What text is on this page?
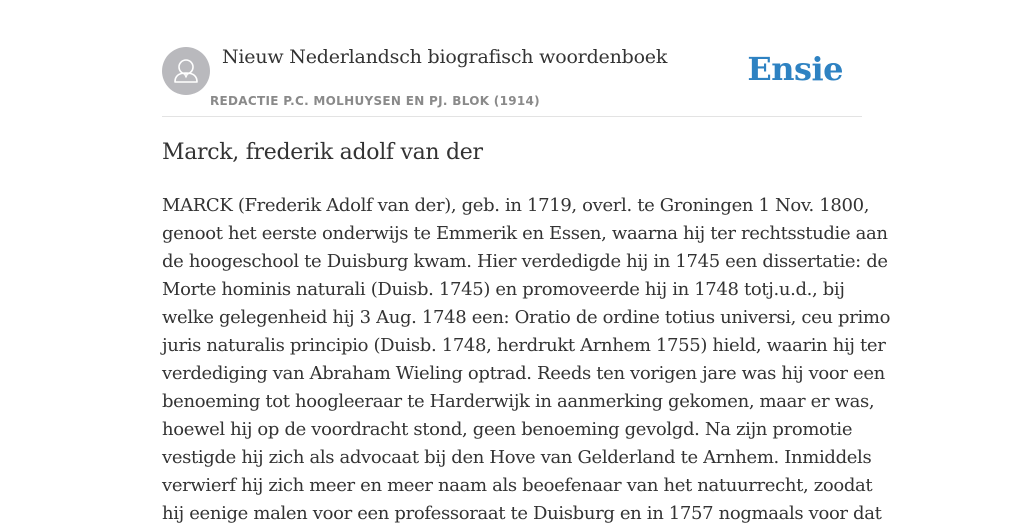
Nieuw Nederlandsch biografisch woordenboek
REDACTIE P.C. MOLHUYSEN EN PJ. BLOK (1914)
Ensie
Marck, frederik adolf van der
MARCK (Frederik Adolf van der), geb. in 1719, overl. te Groningen 1 Nov. 1800,
genoot het eerste onderwijs te Emmerik en Essen, waarna hij ter rechtsstudie aan
de hoogeschool te Duisburg kwam. Hier verdedigde hij in 1745 een dissertatie: de
Morte hominis naturali (Duisb. 1745) en promoveerde hij in 1748 totj.u.d., bij
welke gelegenheid hij 3 Aug. 1748 een: Oratio de ordine totius universi, ceu primo
juris naturalis principio (Duisb. 1748, herdrukt Arnhem 1755) hield, waarin hij ter
verdediging van Abraham Wieling optrad. Reeds ten vorigen jare was hij voor een
benoeming tot hoogleeraar te Harderwijk in aanmerking gekomen, maar er was,
hoewel hij op de voordracht stond, geen benoeming gevolgd. Na zijn promotie
vestigde hij zich als advocaat bij den Hove van Gelderland te Arnhem. Inmiddels
verwierf hij zich meer en meer naam als beoefenaar van het natuurrecht, zoodat
hij eenige malen voor een professoraat te Duisburg en in 1757 nogmaals voor dat
